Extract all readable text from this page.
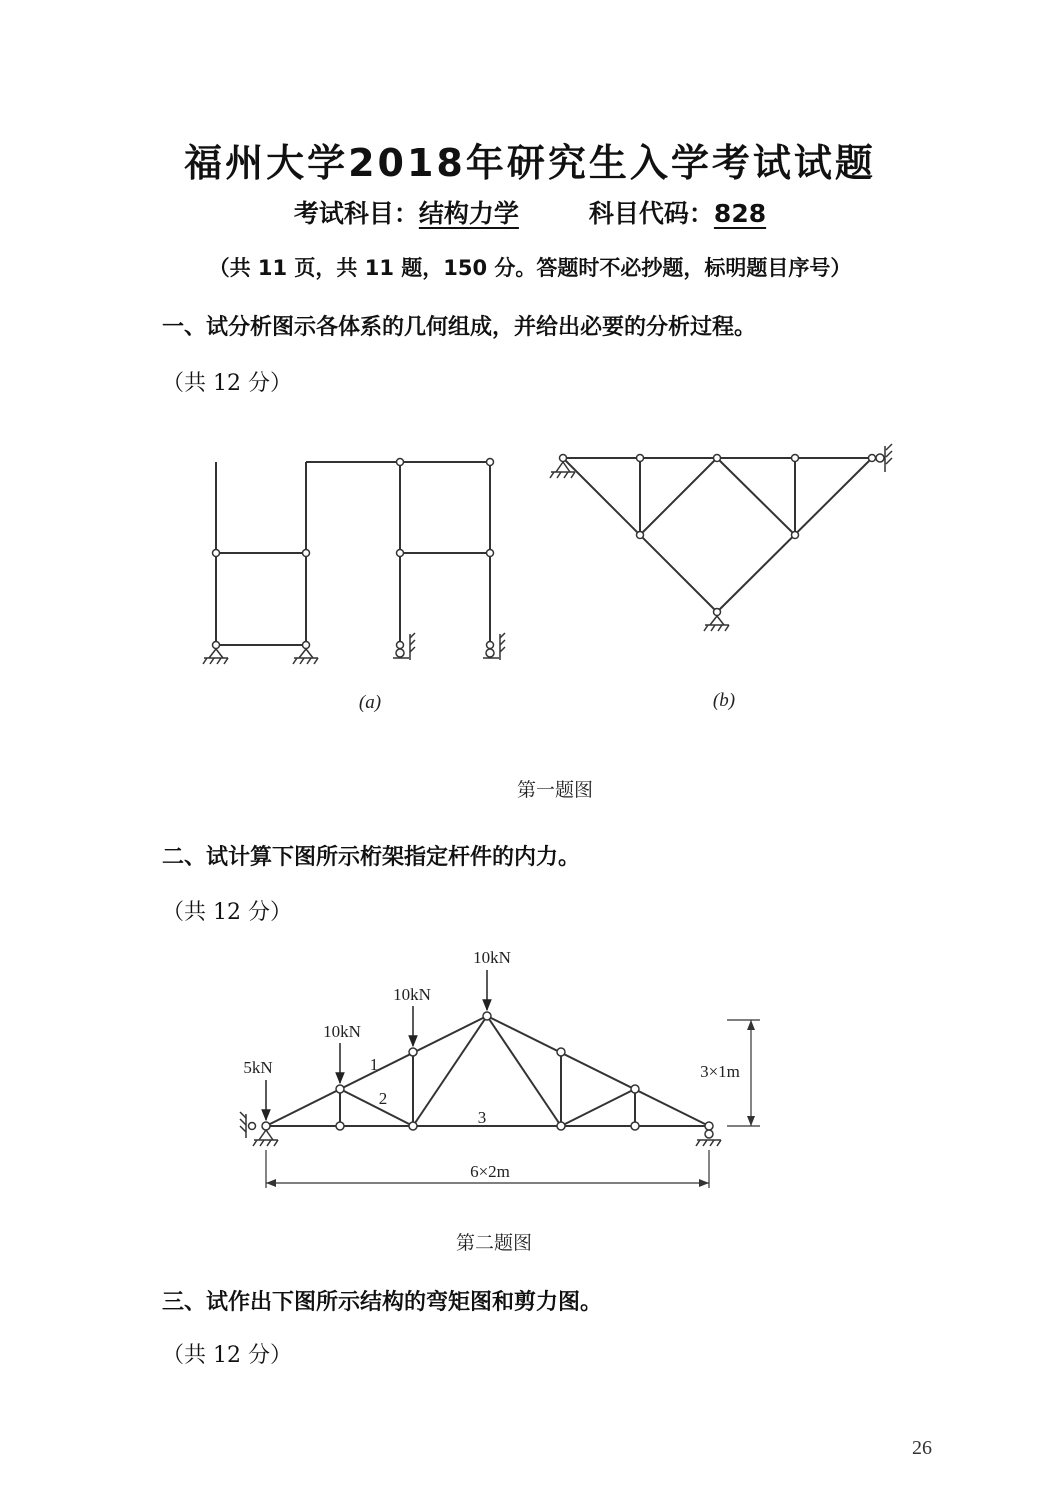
福州大学2018年研究生入学考试试题
考试科目：结构力学	科目代码：828
（共 11 页，共 11 题，150 分。答题时不必抄题，标明题目序号）
一、试分析图示各体系的几何组成，并给出必要的分析过程。
（共 12 分）
(a)	(b)
第一题图
二、试计算下图所示桁架指定杆件的内力。
（共 12 分）
5kN
10kN
10kN
10kN
1
2
3
3×1m
6×2m
第二题图
三、试作出下图所示结构的弯矩图和剪力图。
（共 12 分）
26
